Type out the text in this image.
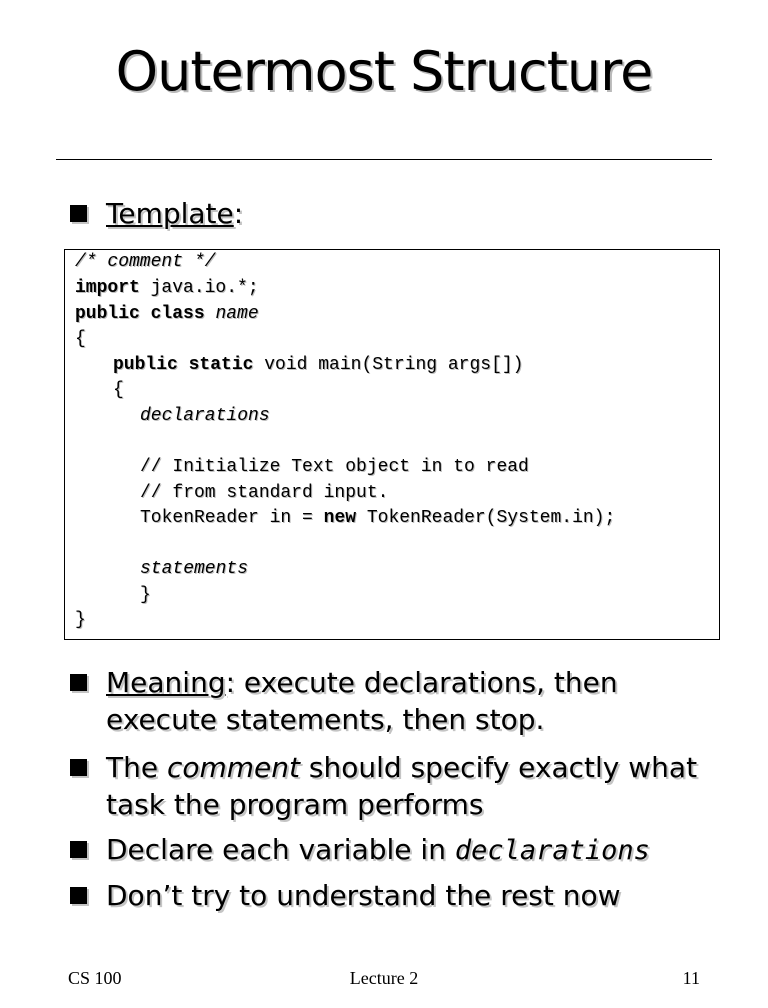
Outermost Structure
Template:
/* comment */
import java.io.*;
public class name
{
public static void main(String args[])
{
declarations
// Initialize Text object in to read
// from standard input.
TokenReader in = new TokenReader(System.in);
statements
}
}
Meaning: execute declarations, then execute statements, then stop.
The comment should specify exactly what task the program performs
Declare each variable in declarations
Don’t try to understand the rest now
CS 100	Lecture 2	11
